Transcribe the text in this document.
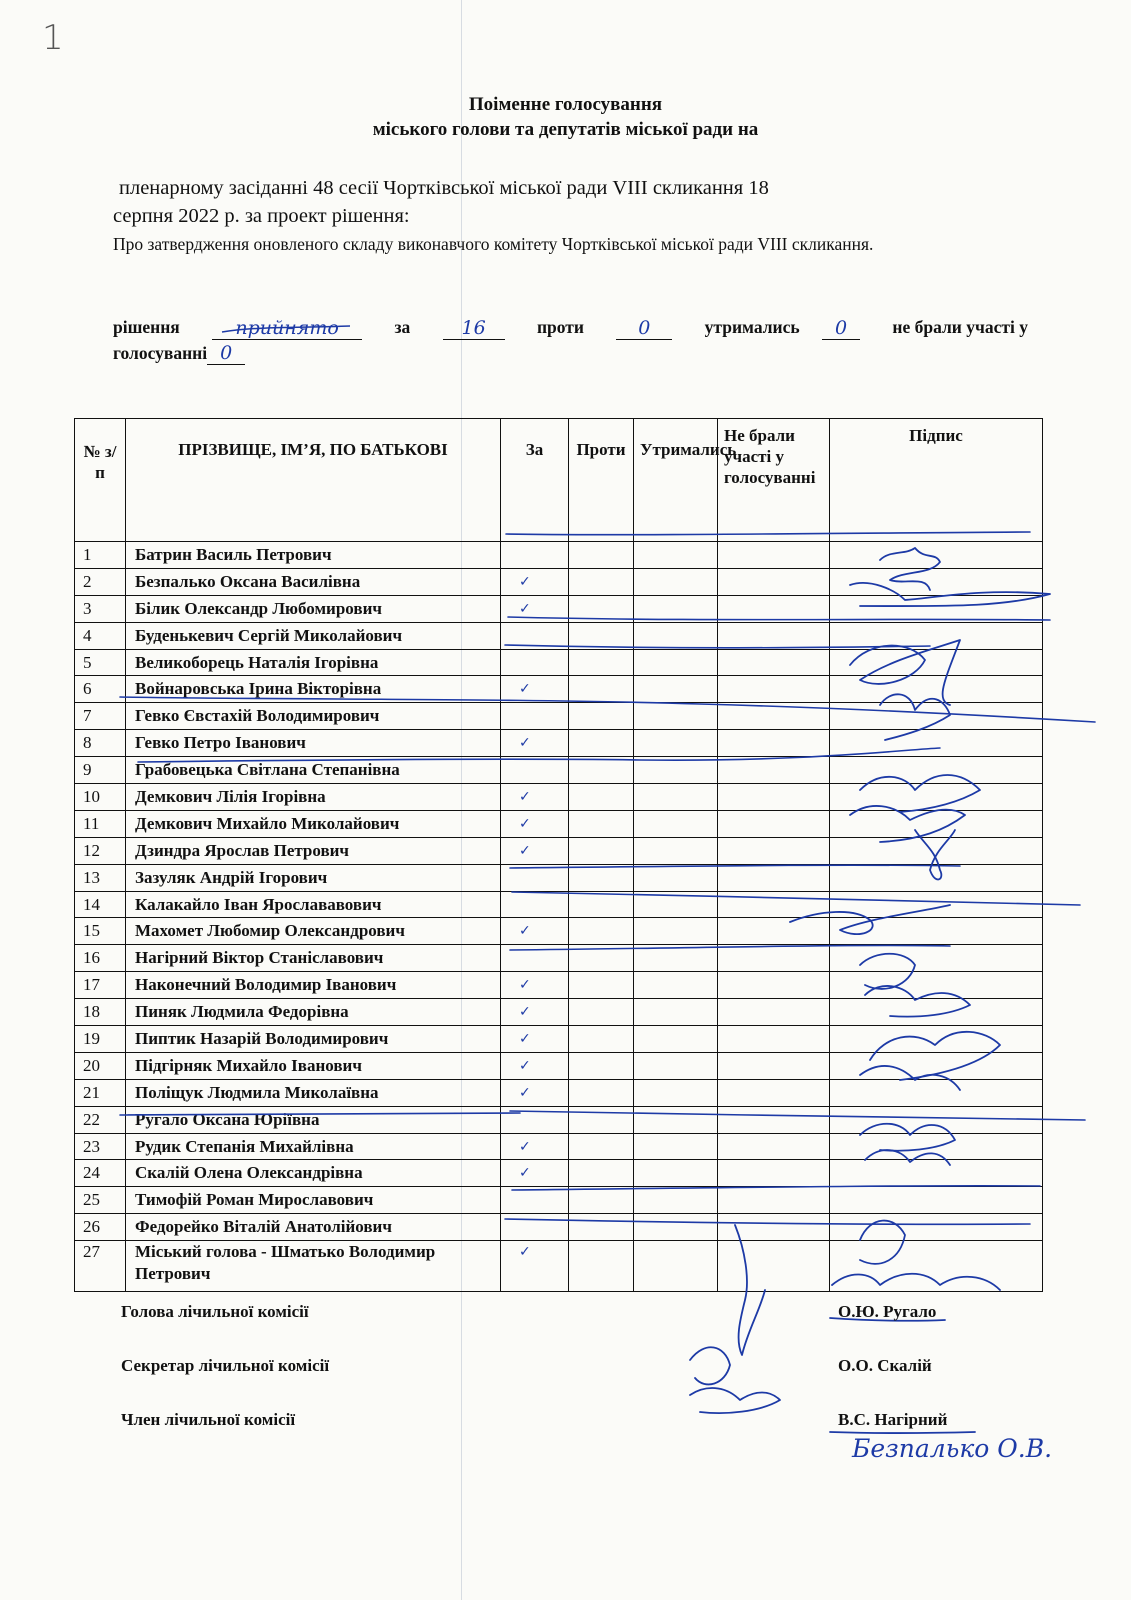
1
Поіменне голосування
міського голови та депутатів міської ради на
пленарному засіданні 48 сесії Чортківської міської ради VIII скликання 18
серпня 2022 р. за проект рішення:
Про затвердження оновленого складу виконавчого комітету Чортківської міської ради VIII скликання.
рішення	прийнято	за	16	проти	0	утримались	0	не брали участі у
голосуванні 0
№ з/п	ПРІЗВИЩЕ, ІМ’Я, ПО БАТЬКОВІ	За	Проти	Утримались	Не брали участі у голосуванні	Підпис
1	Батрин Василь Петрович					
2	Безпалько Оксана Василівна	✓				
3	Білик Олександр Любомирович	✓				
4	Буденькевич Сергій Миколайович					
5	Великоборець Наталія Ігорівна					
6	Войнаровська Ірина Вікторівна	✓				
7	Гевко Євстахій Володимирович					
8	Гевко Петро Іванович	✓				
9	Грабовецька Світлана Степанівна					
10	Демкович Лілія Ігорівна	✓				
11	Демкович Михайло Миколайович	✓				
12	Дзиндра Ярослав Петрович	✓				
13	Зазуляк Андрій Ігорович					
14	Калакайло Іван Ярослававович					
15	Махомет Любомир Олександрович	✓				
16	Нагірний Віктор Станіславович					
17	Наконечний Володимир Іванович	✓				
18	Пиняк Людмила Федорівна	✓				
19	Пиптик Назарій Володимирович	✓				
20	Підгірняк Михайло Іванович	✓				
21	Поліщук Людмила Миколаївна	✓				
22	Ругало Оксана Юріївна					
23	Рудик Степанія Михайлівна	✓				
24	Скалій Олена Олександрівна	✓				
25	Тимофій Роман Мирославович					
26	Федорейко Віталій Анатолійович					
27	Міський голова - Шматько Володимир Петрович	✓				
Голова лічильної комісії	О.Ю. Ругало
Секретар лічильної комісії	О.О. Скалій
Член лічильної комісії	В.С. Нагірний
Безпалько О.В.
